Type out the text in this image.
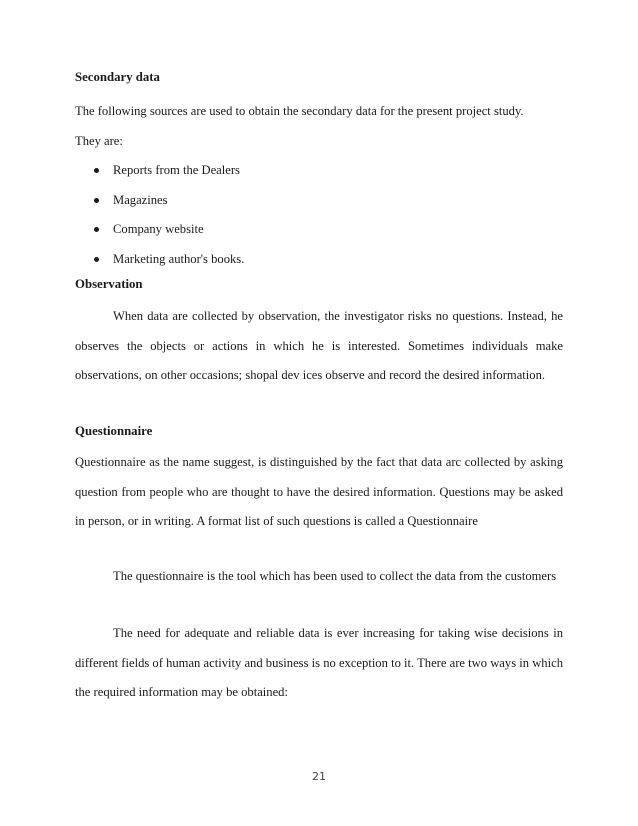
Secondary data
The following sources are used to obtain the secondary data for the present project study.
They are:
Reports from the Dealers
Magazines
Company website
Marketing author's books.
Observation
When data are collected by observation, the investigator risks no questions. Instead, he observes the objects or actions in which he is interested. Sometimes individuals make observations, on other occasions; shopal dev ices observe and record the desired information.
Questionnaire
Questionnaire as the name suggest, is distinguished by the fact that data arc collected by asking question from people who are thought to have the desired information. Questions may be asked in person, or in writing. A format list of such questions is called a Questionnaire
The questionnaire is the tool which has been used to collect the data from the customers
The need for adequate and reliable data is ever increasing for taking wise decisions in different fields of human activity and business is no exception to it. There are two ways in which the required information may be obtained:
21
